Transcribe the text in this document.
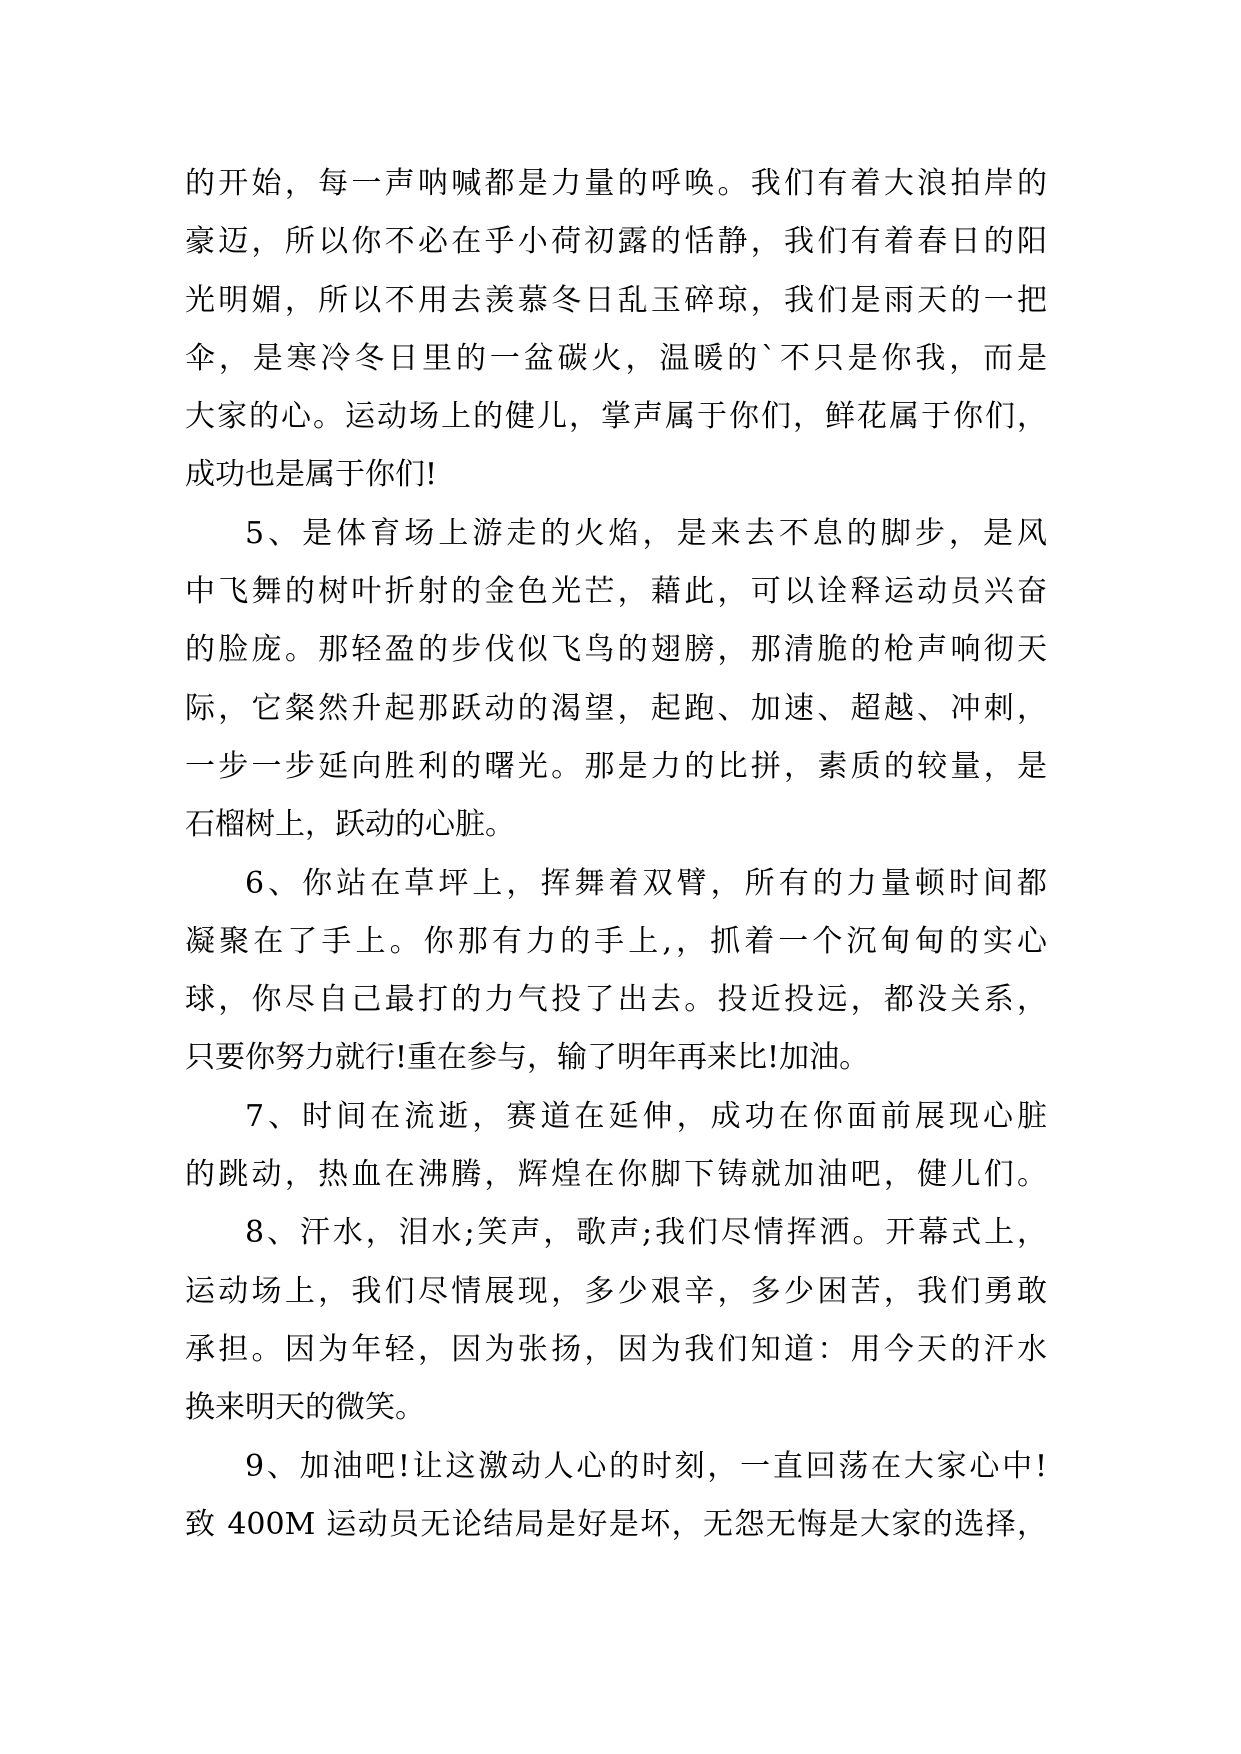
的开始，每一声呐喊都是力量的呼唤。我们有着大浪拍岸的
豪迈，所以你不必在乎小荷初露的恬静，我们有着春日的阳
光明媚，所以不用去羡慕冬日乱玉碎琼，我们是雨天的一把
伞，是寒冷冬日里的一盆碳火，温暖的`不只是你我，而是
大家的心。运动场上的健儿，掌声属于你们，鲜花属于你们，
成功也是属于你们!
5、是体育场上游走的火焰，是来去不息的脚步，是风
中飞舞的树叶折射的金色光芒，藉此，可以诠释运动员兴奋
的脸庞。那轻盈的步伐似飞鸟的翅膀，那清脆的枪声响彻天
际，它粲然升起那跃动的渴望，起跑、加速、超越、冲刺，
一步一步延向胜利的曙光。那是力的比拼，素质的较量，是
石榴树上，跃动的心脏。
6、你站在草坪上，挥舞着双臂，所有的力量顿时间都
凝聚在了手上。你那有力的手上,，抓着一个沉甸甸的实心
球，你尽自己最打的力气投了出去。投近投远，都没关系，
只要你努力就行!重在参与，输了明年再来比!加油。
7、时间在流逝，赛道在延伸，成功在你面前展现心脏
的跳动，热血在沸腾，辉煌在你脚下铸就加油吧，健儿们。
8、汗水，泪水;笑声，歌声;我们尽情挥洒。开幕式上，
运动场上，我们尽情展现，多少艰辛，多少困苦，我们勇敢
承担。因为年轻，因为张扬，因为我们知道：用今天的汗水
换来明天的微笑。
9、加油吧!让这激动人心的时刻，一直回荡在大家心中!
致 400M 运动员无论结局是好是坏，无怨无悔是大家的选择，
